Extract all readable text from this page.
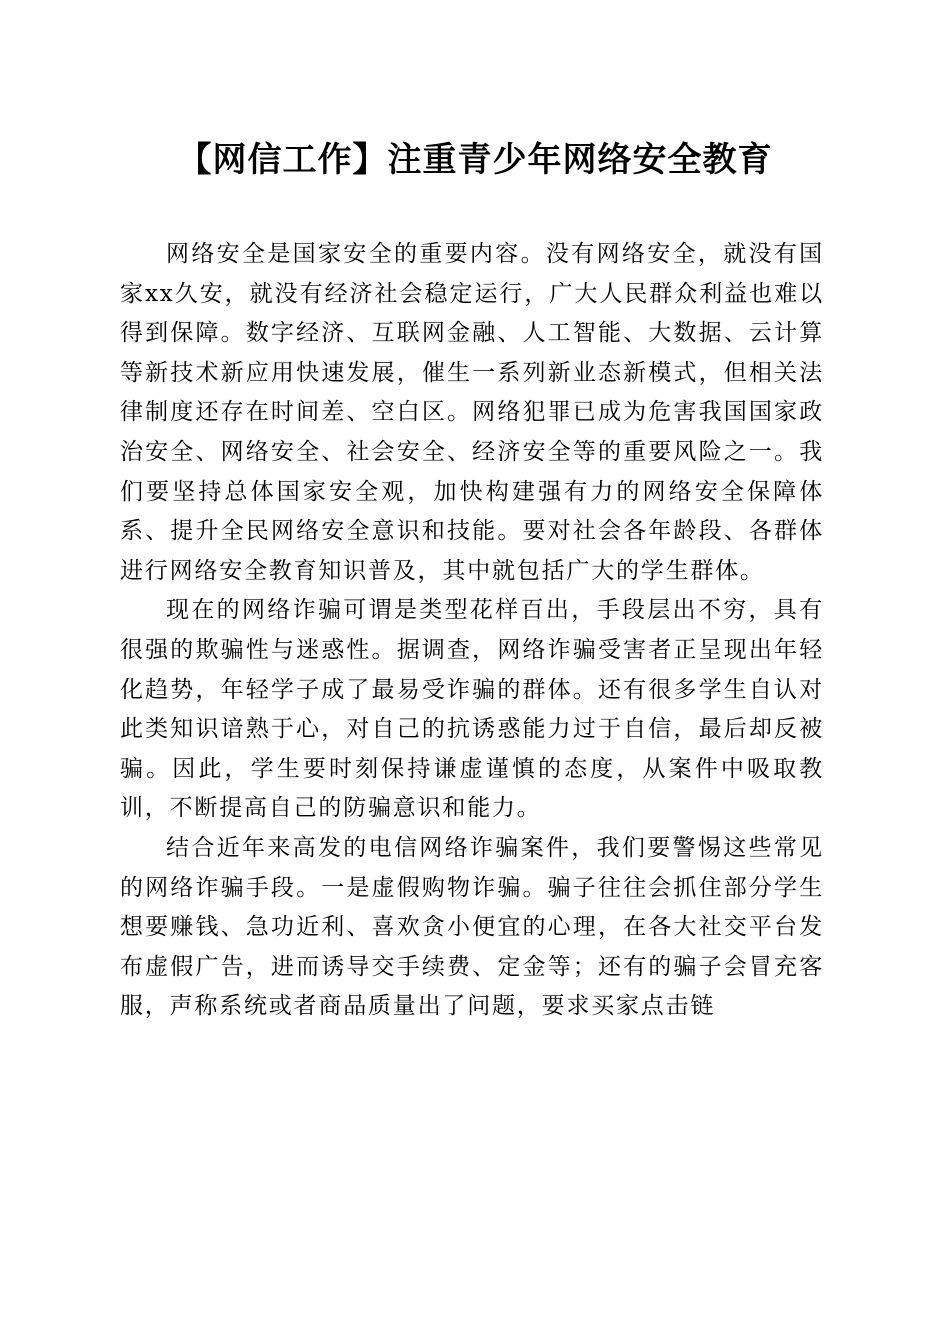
【网信工作】注重青少年网络安全教育

网络安全是国家安全的重要内容。没有网络安全，就没有国家xx久安，就没有经济社会稳定运行，广大人民群众利益也难以得到保障。数字经济、互联网金融、人工智能、大数据、云计算等新技术新应用快速发展，催生一系列新业态新模式，但相关法律制度还存在时间差、空白区。网络犯罪已成为危害我国国家政治安全、网络安全、社会安全、经济安全等的重要风险之一。我们要坚持总体国家安全观，加快构建强有力的网络安全保障体系、提升全民网络安全意识和技能。要对社会各年龄段、各群体进行网络安全教育知识普及，其中就包括广大的学生群体。

现在的网络诈骗可谓是类型花样百出，手段层出不穷，具有很强的欺骗性与迷惑性。据调查，网络诈骗受害者正呈现出年轻化趋势，年轻学子成了最易受诈骗的群体。还有很多学生自认对此类知识谙熟于心，对自己的抗诱惑能力过于自信，最后却反被骗。因此，学生要时刻保持谦虚谨慎的态度，从案件中吸取教训，不断提高自己的防骗意识和能力。

结合近年来高发的电信网络诈骗案件，我们要警惕这些常见的网络诈骗手段。一是虚假购物诈骗。骗子往往会抓住部分学生想要赚钱、急功近利、喜欢贪小便宜的心理，在各大社交平台发布虚假广告，进而诱导交手续费、定金等；还有的骗子会冒充客服，声称系统或者商品质量出了问题，要求买家点击链
